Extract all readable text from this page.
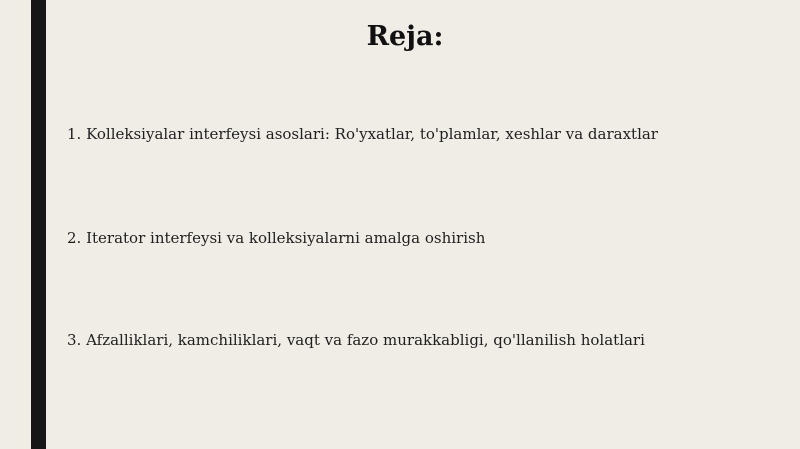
Reja:
1. Kolleksiyalar interfeysi asoslari: Ro'yxatlar, to'plamlar, xeshlar va daraxtlar
2. Iterator interfeysi va kolleksiyalarni amalga oshirish
3. Afzalliklari, kamchiliklari, vaqt va fazo murakkabligi, qo'llanilish holatlari
